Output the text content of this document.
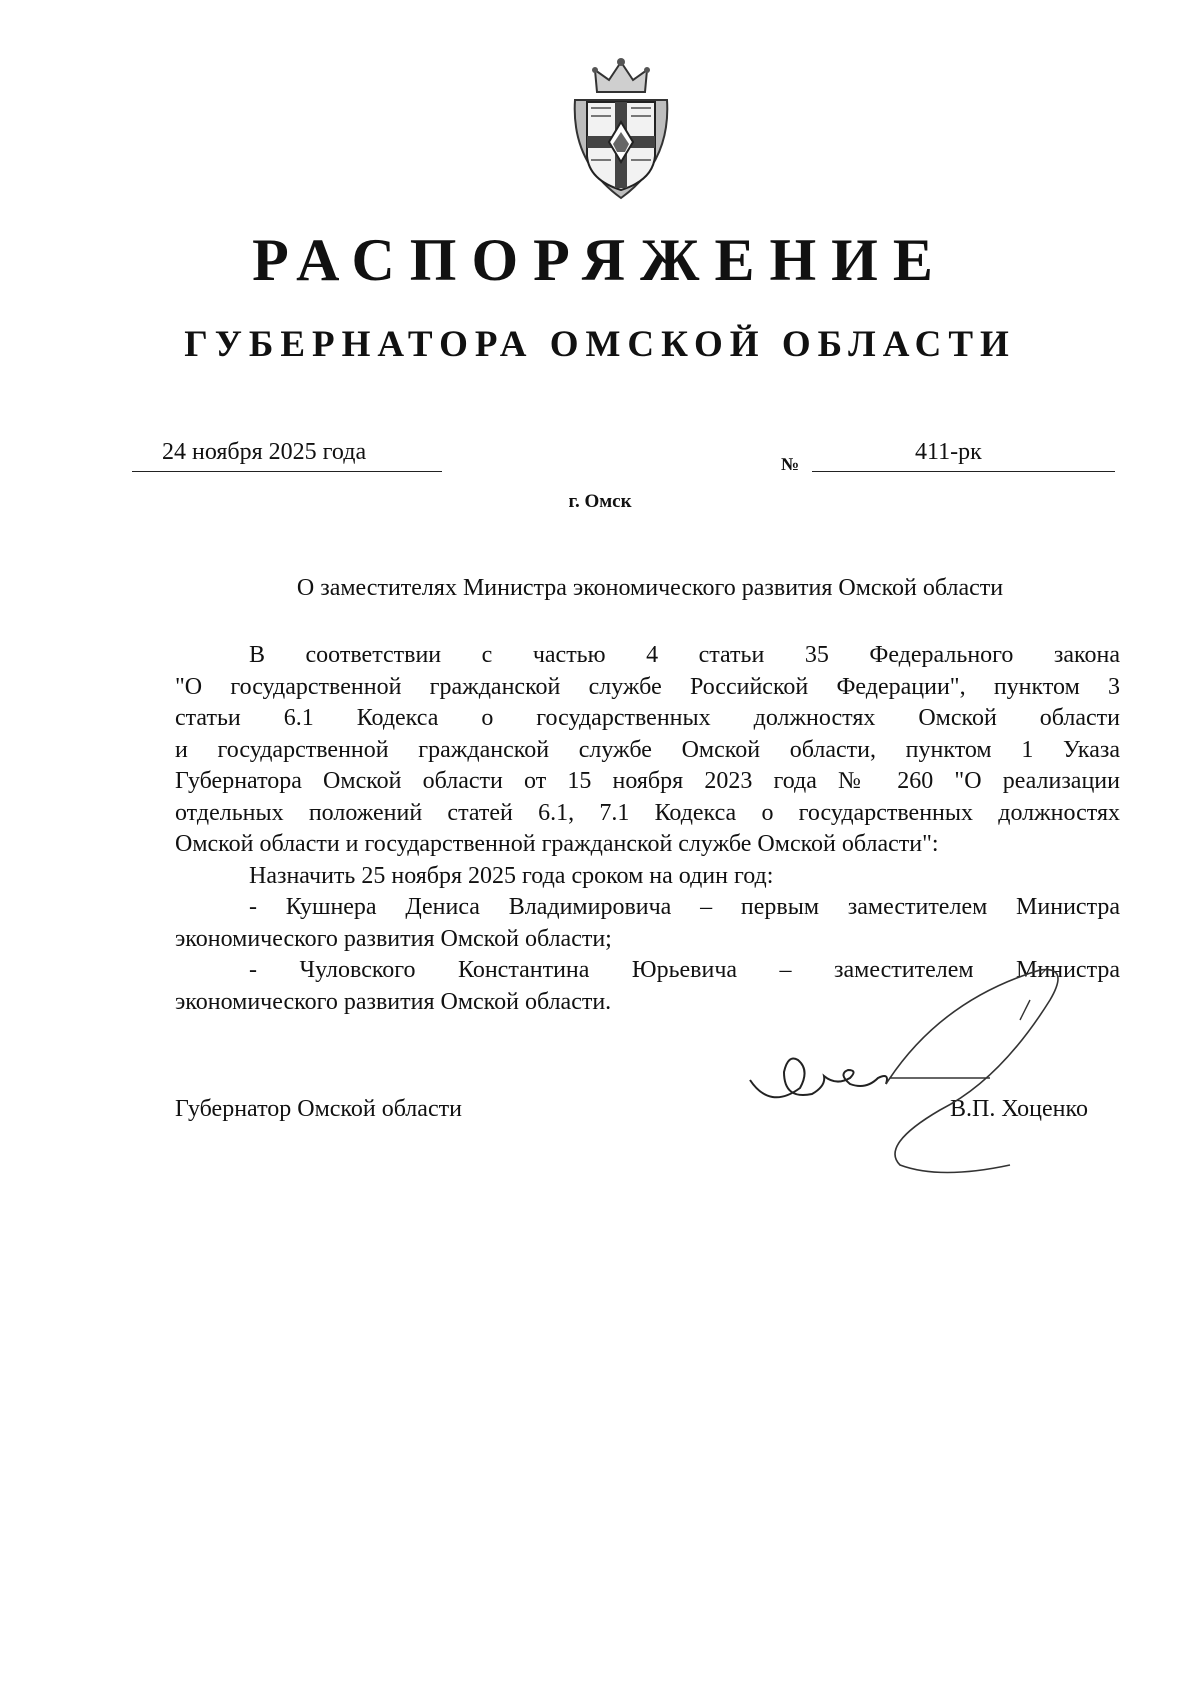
РАСПОРЯЖЕНИЕ
ГУБЕРНАТОРА ОМСКОЙ ОБЛАСТИ
24 ноября 2025 года	№	411-рк
г. Омск
О заместителях Министра экономического развития Омской области

В соответствии с частью 4 статьи 35 Федерального закона
"О государственной гражданской службе Российской Федерации", пунктом 3
статьи 6.1 Кодекса о государственных должностях Омской области
и государственной гражданской службе Омской области, пунктом 1 Указа
Губернатора Омской области от 15 ноября 2023 года № 260 "О реализации
отдельных положений статей 6.1, 7.1 Кодекса о государственных должностях
Омской области и государственной гражданской службе Омской области":

Назначить 25 ноября 2025 года сроком на один год:

- Кушнера Дениса Владимировича – первым заместителем Министра
экономического развития Омской области;

- Чуловского Константина Юрьевича – заместителем Министра
экономического развития Омской области.

Губернатор Омской области	В.П. Хоценко
